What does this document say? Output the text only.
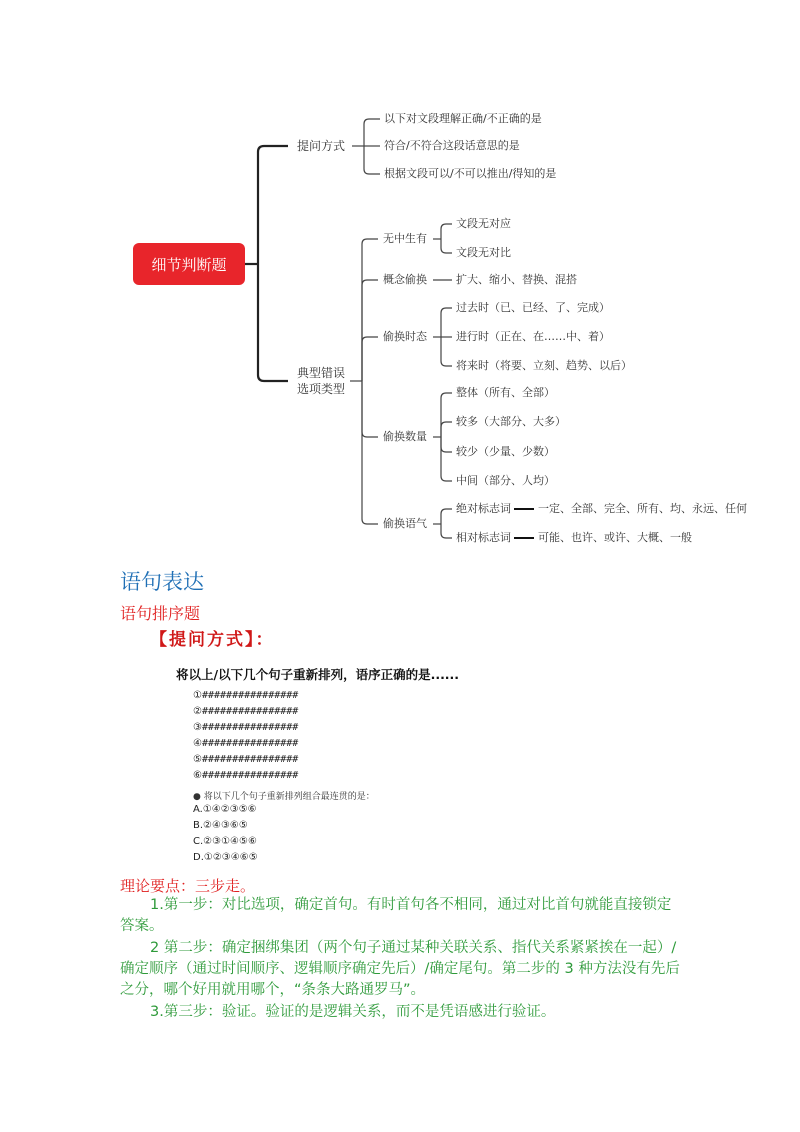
细节判断题
提问方式
典型错误
选项类型
以下对文段理解正确/不正确的是
符合/不符合这段话意思的是
根据文段可以/不可以推出/得知的是
无中生有
概念偷换
偷换时态
偷换数量
偷换语气
文段无对应
文段无对比
扩大、缩小、替换、混搭
过去时（已、已经、了、完成）
进行时（正在、在……中、着）
将来时（将要、立刻、趋势、以后）
整体（所有、全部）
较多（大部分、大多）
较少（少量、少数）
中间（部分、人均）
绝对标志词
相对标志词
一定、全部、完全、所有、均、永远、任何
可能、也许、或许、大概、一般
语句表达
语句排序题
【提问方式】：
将以上/以下几个句子重新排列，语序正确的是......
①################
②################
③################
④################
⑤################
⑥################
● 将以下几个句子重新排列组合最连贯的是：
A.①④②③⑤⑥
B.②④③⑥⑤
C.②③①④⑤⑥
D.①②③④⑥⑤
理论要点：三步走。
1.第一步：对比选项，确定首句。有时首句各不相同，通过对比首句就能直接锁定答案。
2 第二步：确定捆绑集团（两个句子通过某种关联关系、指代关系紧紧挨在一起）/确定顺序（通过时间顺序、逻辑顺序确定先后）/确定尾句。第二步的 3 种方法没有先后之分，哪个好用就用哪个，“条条大路通罗马”。
3.第三步：验证。验证的是逻辑关系，而不是凭语感进行验证。
